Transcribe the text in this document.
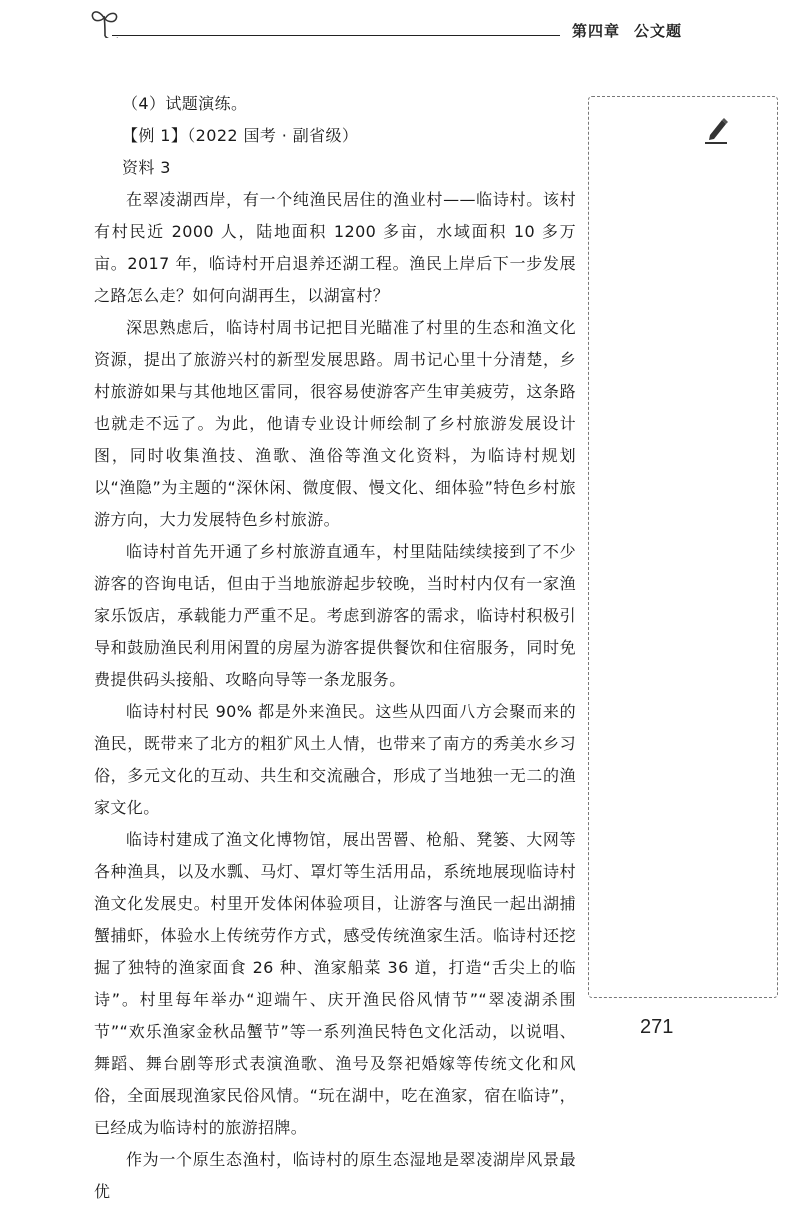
第四章 公文题

（4）试题演练。

【例 1】（2022 国考 · 副省级）

资料 3

在翠凌湖西岸，有一个纯渔民居住的渔业村——临诗村。该村有村民近 2000 人，陆地面积 1200 多亩，水域面积 10 多万亩。2017 年，临诗村开启退养还湖工程。渔民上岸后下一步发展之路怎么走？如何向湖再生，以湖富村？

深思熟虑后，临诗村周书记把目光瞄准了村里的生态和渔文化资源，提出了旅游兴村的新型发展思路。周书记心里十分清楚，乡村旅游如果与其他地区雷同，很容易使游客产生审美疲劳，这条路也就走不远了。为此，他请专业设计师绘制了乡村旅游发展设计图，同时收集渔技、渔歌、渔俗等渔文化资料，为临诗村规划以“渔隐”为主题的“深休闲、微度假、慢文化、细体验”特色乡村旅游方向，大力发展特色乡村旅游。

临诗村首先开通了乡村旅游直通车，村里陆陆续续接到了不少游客的咨询电话，但由于当地旅游起步较晚，当时村内仅有一家渔家乐饭店，承载能力严重不足。考虑到游客的需求，临诗村积极引导和鼓励渔民利用闲置的房屋为游客提供餐饮和住宿服务，同时免费提供码头接船、攻略向导等一条龙服务。

临诗村村民 90% 都是外来渔民。这些从四面八方会聚而来的渔民，既带来了北方的粗犷风土人情，也带来了南方的秀美水乡习俗，多元文化的互动、共生和交流融合，形成了当地独一无二的渔家文化。

临诗村建成了渔文化博物馆，展出罟罾、枪船、凳篓、大网等各种渔具，以及水瓢、马灯、罩灯等生活用品，系统地展现临诗村渔文化发展史。村里开发体闲体验项目，让游客与渔民一起出湖捕蟹捕虾，体验水上传统劳作方式，感受传统渔家生活。临诗村还挖掘了独特的渔家面食 26 种、渔家船菜 36 道，打造“舌尖上的临诗”。村里每年举办“迎端午、庆开渔民俗风情节”“翠凌湖杀围节”“欢乐渔家金秋品蟹节”等一系列渔民特色文化活动，以说唱、舞蹈、舞台剧等形式表演渔歌、渔号及祭祀婚嫁等传统文化和风俗，全面展现渔家民俗风情。“玩在湖中，吃在渔家，宿在临诗”，已经成为临诗村的旅游招牌。

作为一个原生态渔村，临诗村的原生态湿地是翠凌湖岸风景最优

271
